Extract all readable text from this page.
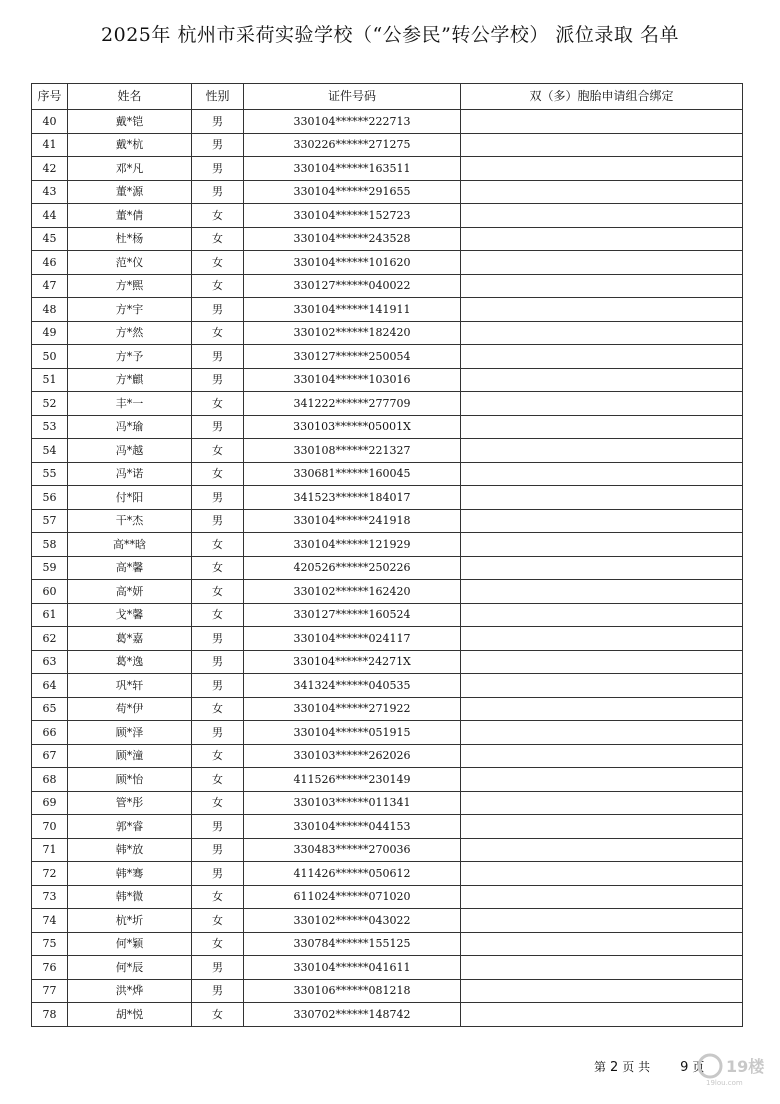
2025年 杭州市采荷实验学校（“公参民”转公学校） 派位录取 名单
序号	姓名	性别	证件号码	双（多）胞胎申请组合绑定
40	戴*铠	男	330104******222713	
41	戴*杭	男	330226******271275	
42	邓*凡	男	330104******163511	
43	董*源	男	330104******291655	
44	董*倩	女	330104******152723	
45	杜*杨	女	330104******243528	
46	范*仪	女	330104******101620	
47	方*熙	女	330127******040022	
48	方*宇	男	330104******141911	
49	方*然	女	330102******182420	
50	方*予	男	330127******250054	
51	方*麒	男	330104******103016	
52	丰*一	女	341222******277709	
53	冯*瑜	男	330103******05001X	
54	冯*越	女	330108******221327	
55	冯*诺	女	330681******160045	
56	付*阳	男	341523******184017	
57	干*杰	男	330104******241918	
58	高**晗	女	330104******121929	
59	高*馨	女	420526******250226	
60	高*妍	女	330102******162420	
61	戈*馨	女	330127******160524	
62	葛*嘉	男	330104******024117	
63	葛*逸	男	330104******24271X	
64	巩*轩	男	341324******040535	
65	苟*伊	女	330104******271922	
66	顾*泽	男	330104******051915	
67	顾*潼	女	330103******262026	
68	顾*怡	女	411526******230149	
69	管*彤	女	330103******011341	
70	郭*睿	男	330104******044153	
71	韩*放	男	330483******270036	
72	韩*骞	男	411426******050612	
73	韩*微	女	611024******071020	
74	杭*圻	女	330102******043022	
75	何*颖	女	330784******155125	
76	何*辰	男	330104******041611	
77	洪*烨	男	330106******081218	
78	胡*悦	女	330702******148742	
第 2 页 共 9 页 19楼
19lou.com
